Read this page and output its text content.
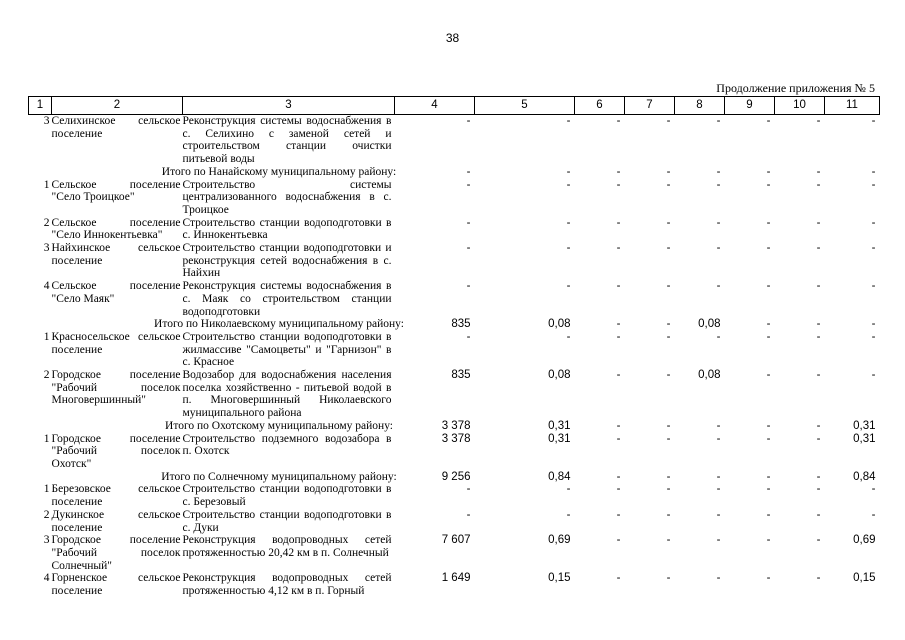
38
Продолжение приложения № 5
1	2	3	4	5	6	7	8	9	10	11
3	Селихинское сельское поселение	Реконструкция системы водоснабжения в с. Селихино с заменой сетей и строительством станции очистки питьевой воды	-	-	-	-	-	-	-	-
	Итого по Нанайскому муниципальному району:	-	-	-	-	-	-	-	-
1	Сельское поселение "Село Троицкое"	Строительство системы централизованного водоснабжения в с. Троицкое	-	-	-	-	-	-	-	-
2	Сельское поселение "Село Иннокентьевка"	Строительство станции водоподготовки в с. Иннокентьевка	-	-	-	-	-	-	-	-
3	Найхинское сельское поселение	Строительство станции водоподготовки и реконструкция сетей водоснабжения в с. Найхин	-	-	-	-	-	-	-	-
4	Сельское поселение "Село Маяк"	Реконструкция системы водоснабжения в с. Маяк со строительством станции водоподготовки	-	-	-	-	-	-	-	-
	Итого по Николаевскому муниципальному району:	835	0,08	-	-	0,08	-	-	-
1	Красносельское сельское поселение	Строительство станции водоподготовки в жилмассиве "Самоцветы" и "Гарнизон" в с. Красное	-	-	-	-	-	-	-	-
2	Городское поселение "Рабочий поселок Многовершинный"	Водозабор для водоснабжения населения поселка хозяйственно - питьевой водой в п. Многовершинный Николаевского муниципального района	835	0,08	-	-	0,08	-	-	-
	Итого по Охотскому муниципальному району:	3 378	0,31	-	-	-	-	-	0,31
1	Городское поселение "Рабочий поселок Охотск"	Строительство подземного водозабора в п. Охотск	3 378	0,31	-	-	-	-	-	0,31
	Итого по Солнечному муниципальному району:	9 256	0,84	-	-	-	-	-	0,84
1	Березовское сельское поселение	Строительство станции водоподготовки в с. Березовый	-	-	-	-	-	-	-	-
2	Дукинское сельское поселение	Строительство станции водоподготовки в с. Дуки	-	-	-	-	-	-	-	-
3	Городское поселение "Рабочий поселок Солнечный"	Реконструкция водопроводных сетей протяженностью 20,42 км в п. Солнечный	7 607	0,69	-	-	-	-	-	0,69
4	Горненское сельское поселение	Реконструкция водопроводных сетей протяженностью 4,12 км в п. Горный	1 649	0,15	-	-	-	-	-	0,15
